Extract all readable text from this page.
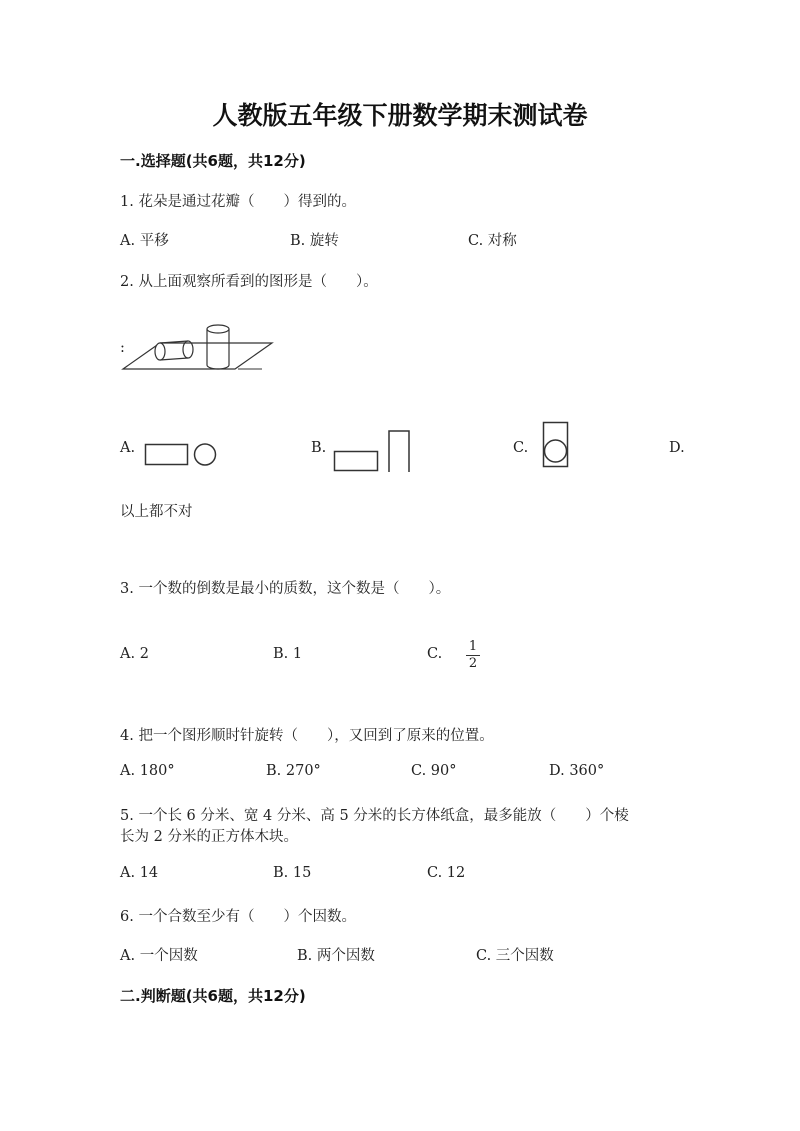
人教版五年级下册数学期末测试卷
一.选择题(共6题，共12分)
1. 花朵是通过花瓣（　　）得到的。
A. 平移	B. 旋转	C. 对称
2. 从上面观察所看到的图形是（　　）。
:
A.	B.	C.	D.
以上都不对
3. 一个数的倒数是最小的质数，这个数是（　　）。
A. 2	B. 1	C. 1
2
4. 把一个图形顺时针旋转（　　），又回到了原来的位置。
A. 180°	B. 270°	C. 90°	D. 360°
5. 一个长 6 分米、宽 4 分米、高 5 分米的长方体纸盒，最多能放（　　）个棱
长为 2 分米的正方体木块。
A. 14	B. 15	C. 12
6. 一个合数至少有（　　）个因数。
A. 一个因数	B. 两个因数	C. 三个因数
二.判断题(共6题，共12分)
